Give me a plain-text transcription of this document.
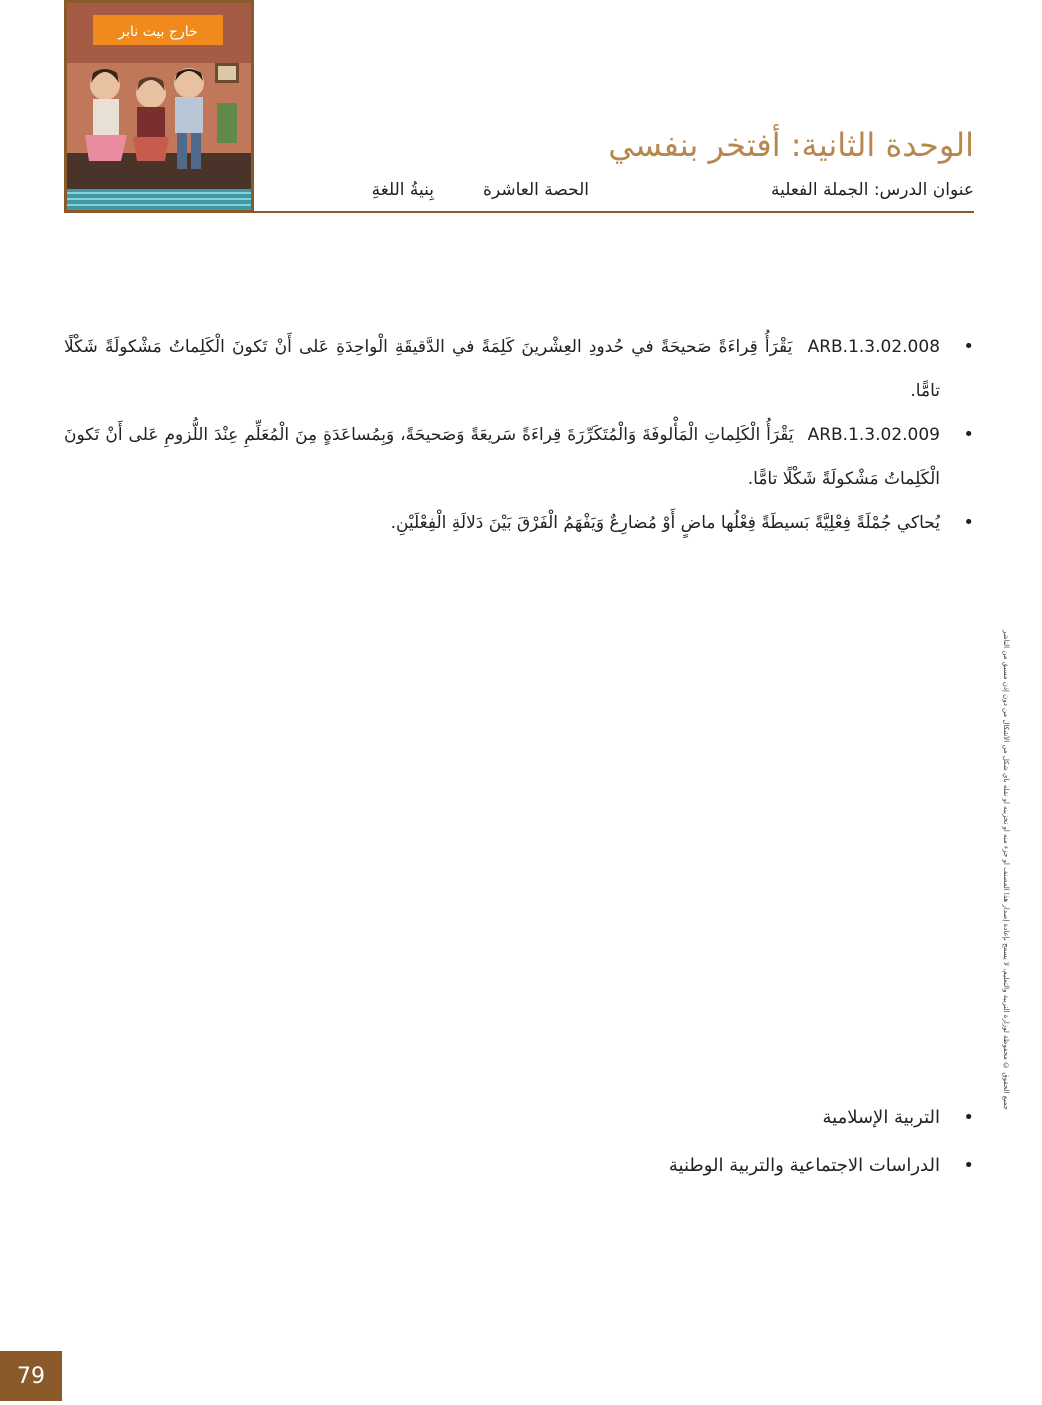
خارج بيت نابر
الوحدة الثانية: أفتخر بنفسي
عنوان الدرس: الجملة الفعلية
الحصة العاشرة
بِنيةُ اللغةِ
•
ARB.1.3.02.008 يَقْرَأُ قِراءَةً صَحيحَةً في حُدودِ العِشْرينَ كَلِمَةً في الدَّقيقَةِ الْواحِدَةِ عَلى أَنْ تَكونَ الْكَلِماتُ مَشْكولَةً شَكْلًا تامًّا.
•
ARB.1.3.02.009 يَقْرَأُ الْكَلِماتِ الْمَأْلوفَةَ وَالْمُتَكَرِّرَةَ قِراءَةً سَريعَةً وَصَحيحَةً، وَبِمُساعَدَةٍ مِنَ الْمُعَلِّمِ عِنْدَ اللُّزومِ عَلى أَنْ تَكونَ الْكَلِماتُ مَشْكولَةً شَكْلًا تامًّا.
•
يُحاكي جُمْلَةً فِعْلِيَّةً بَسيطَةً فِعْلُها ماضٍ أَوْ مُضارِعٌ وَيَفْهَمُ الْفَرْقَ بَيْنَ دَلالَةِ الْفِعْلَيْنِ.
•
التربية الإسلامية
•
الدراسات الاجتماعية والتربية الوطنية
جميع الحقوق © محفوظة لوزارة التربية والتعليم، لا يسمح بإعادة إصدار هذا المصنف أو جزء منه أو تخزينه أو نقله بأي شكل من الأشكال من دون إذن مسبق من الناشر
79
